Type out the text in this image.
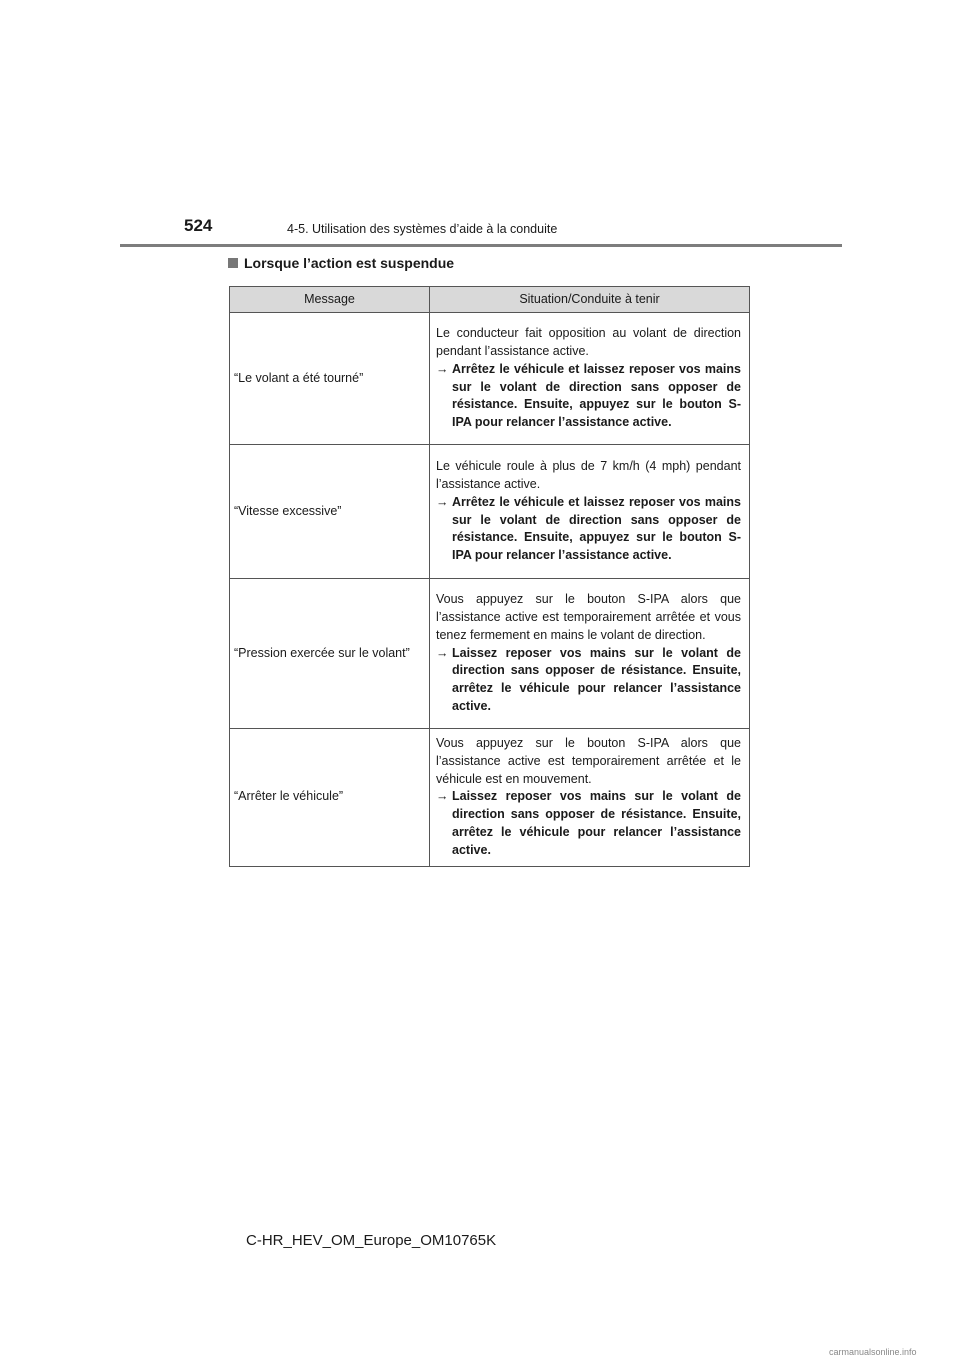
524	4-5. Utilisation des systèmes d’aide à la conduite
Lorsque l’action est suspendue
Message	Situation/Conduite à tenir
“Le volant a été tourné”	Le conducteur fait opposition au volant de direction pendant l’assistance active.
→ Arrêtez le véhicule et laissez reposer vos mains sur le volant de direction sans opposer de résistance. Ensuite, appuyez sur le bouton S-IPA pour relancer l’assistance active.

“Vitesse excessive”	Le véhicule roule à plus de 7 km/h (4 mph) pendant l’assistance active.
→ Arrêtez le véhicule et laissez reposer vos mains sur le volant de direction sans opposer de résistance. Ensuite, appuyez sur le bouton S-IPA pour relancer l’assistance active.

“Pression exercée sur le volant”	Vous appuyez sur le bouton S-IPA alors que l’assistance active est temporairement arrêtée et vous tenez fermement en mains le volant de direction.
→ Laissez reposer vos mains sur le volant de direction sans opposer de résistance. Ensuite, arrêtez le véhicule pour relancer l’assistance active.

“Arrêter le véhicule”	Vous appuyez sur le bouton S-IPA alors que l’assistance active est temporairement arrêtée et le véhicule est en mouvement.
→ Laissez reposer vos mains sur le volant de direction sans opposer de résistance. Ensuite, arrêtez le véhicule pour relancer l’assistance active.
C-HR_HEV_OM_Europe_OM10765K
carmanualsonline.info
